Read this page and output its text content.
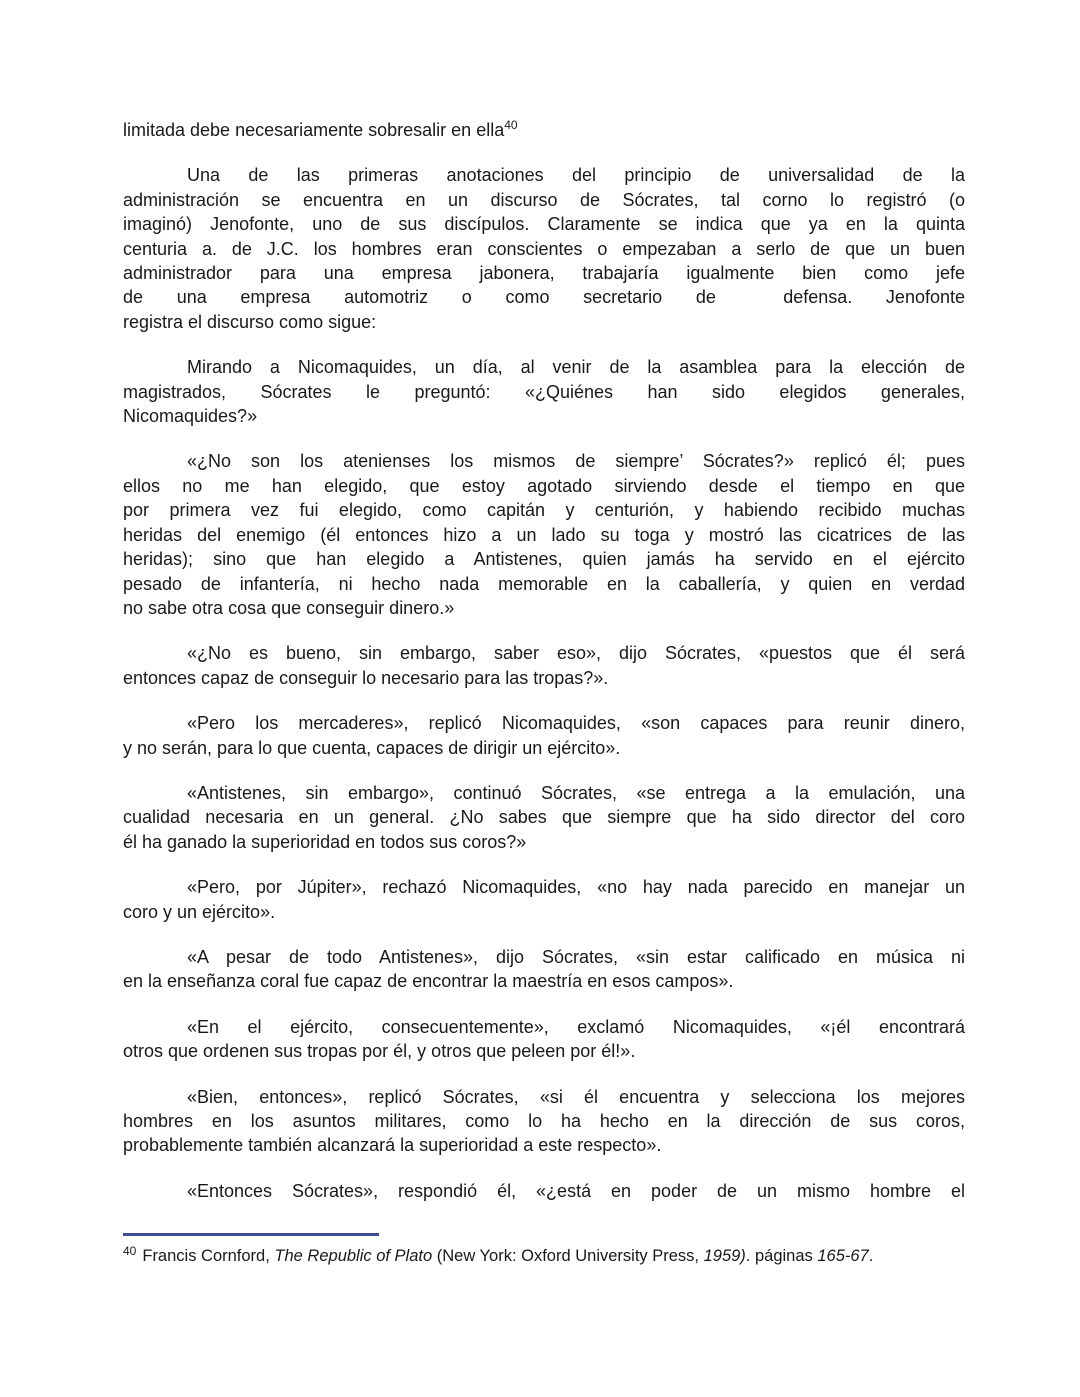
limitada debe necesariamente sobresalir en ella$^{40}$

Una de las primeras anotaciones del principio de universalidad de la
administración se encuentra en un discurso de Sócrates, tal corno lo registró (o
imaginó) Jenofonte, uno de sus discípulos. Claramente se indica que ya en la quinta
centuria a. de J.C. los hombres eran conscientes o empezaban a serlo de que un buen
administrador para una empresa jabonera, trabajaría igualmente bien como jefe
de una empresa automotriz o como secretario de  defensa. Jenofonte
registra el discurso como sigue:

Mirando a Nicomaquides, un día, al venir de la asamblea para la elección de
magistrados, Sócrates le preguntó: «¿Quiénes han sido elegidos generales,
Nicomaquides?»

«¿No son los atenienses los mismos de siempre’ Sócrates?» replicó él; pues
ellos no me han elegido, que estoy agotado sirviendo desde el tiempo en que
por primera vez fui elegido, como capitán y centurión, y habiendo recibido muchas
heridas del enemigo (él entonces hizo a un lado su toga y mostró las cicatrices de las
heridas); sino que han elegido a Antistenes, quien jamás ha servido en el ejército
pesado de infantería, ni hecho nada memorable en la caballería, y quien en verdad
no sabe otra cosa que conseguir dinero.»

«¿No es bueno, sin embargo, saber eso», dijo Sócrates, «puestos que él será
entonces capaz de conseguir lo necesario para las tropas?».

«Pero los mercaderes», replicó Nicomaquides, «son capaces para reunir dinero,
y no serán, para lo que cuenta, capaces de dirigir un ejército».

«Antistenes, sin embargo», continuó Sócrates, «se entrega a la emulación, una
cualidad necesaria en un general. ¿No sabes que siempre que ha sido director del coro
él ha ganado la superioridad en todos sus coros?»

«Pero, por Júpiter», rechazó Nicomaquides, «no hay nada parecido en manejar un
coro y un ejército».

«A pesar de todo Antistenes», dijo Sócrates, «sin estar calificado en música ni
en la enseñanza coral fue capaz de encontrar la maestría en esos campos».

«En el ejército, consecuentemente», exclamó Nicomaquides, «¡él encontrará
otros que ordenen sus tropas por él, y otros que peleen por él!».

«Bien, entonces», replicó Sócrates, «si él encuentra y selecciona los mejores
hombres en los asuntos militares, como lo ha hecho en la dirección de sus coros,
probablemente también alcanzará la superioridad a este respecto».

«Entonces Sócrates», respondió él, «¿está en poder de un mismo hombre el

$^{40}$ Francis Cornford, The Republic of Plato (New York: Oxford University Press, 1959). páginas 165-67.
